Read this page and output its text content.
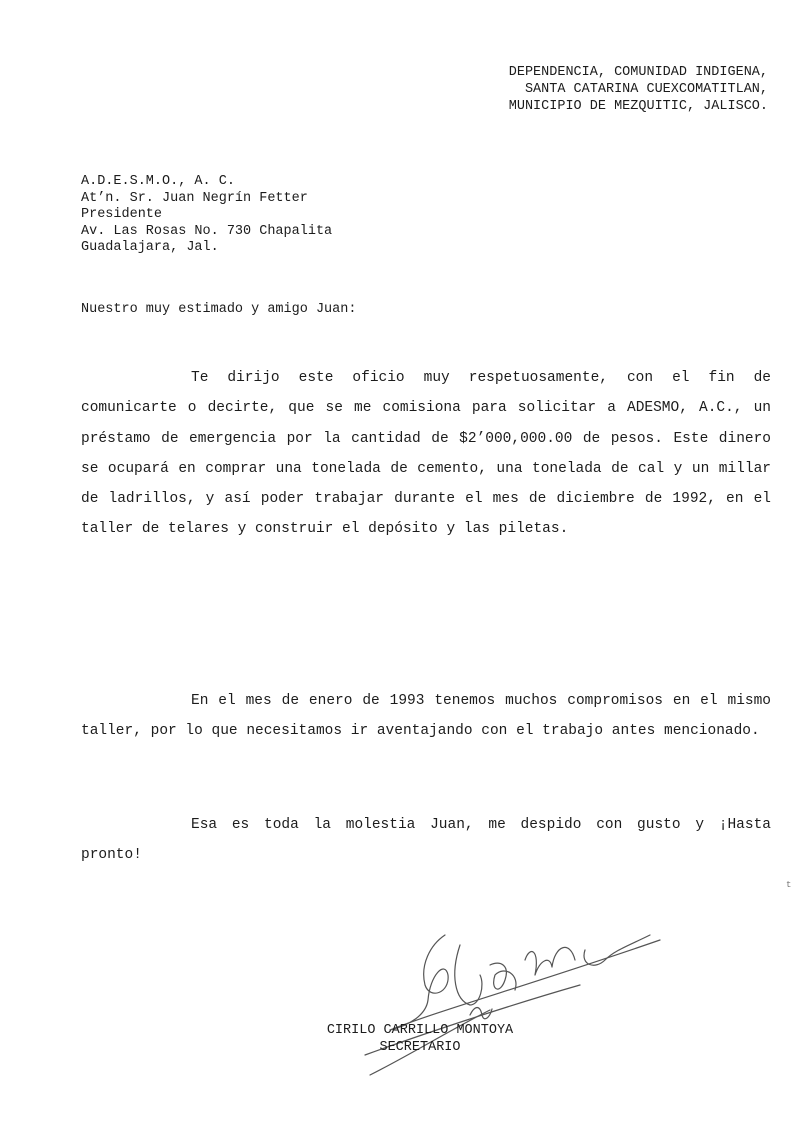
DEPENDENCIA, COMUNIDAD INDIGENA,
SANTA CATARINA CUEXCOMATITLAN,
MUNICIPIO DE MEZQUITIC, JALISCO.
A.D.E.S.M.O., A. C.
At’n. Sr. Juan Negrín Fetter
Presidente
Av. Las Rosas No. 730 Chapalita
Guadalajara, Jal.
Nuestro muy estimado y amigo Juan:

Te dirijo este oficio muy respetuosamente, con el fin de comunicarte o decirte, que se me comisiona para solicitar a ADESMO, A.C., un préstamo de emergencia por la cantidad de $2’000,000.00 de pesos. Este dinero se ocupará en comprar una tonelada de cemento, una tonelada de cal y un millar de ladrillos, y así poder trabajar durante el mes de diciembre de 1992, en el taller de telares y construir el depósito y las piletas.

En el mes de enero de 1993 tenemos muchos compromisos en el mismo taller, por lo que necesitamos ir aventajando con el trabajo antes mencionado.

Esa es toda la molestia Juan, me despido con gusto y ¡Hasta pronto!

CIRILO CARRILLO MONTOYA
SECRETARIO
t
